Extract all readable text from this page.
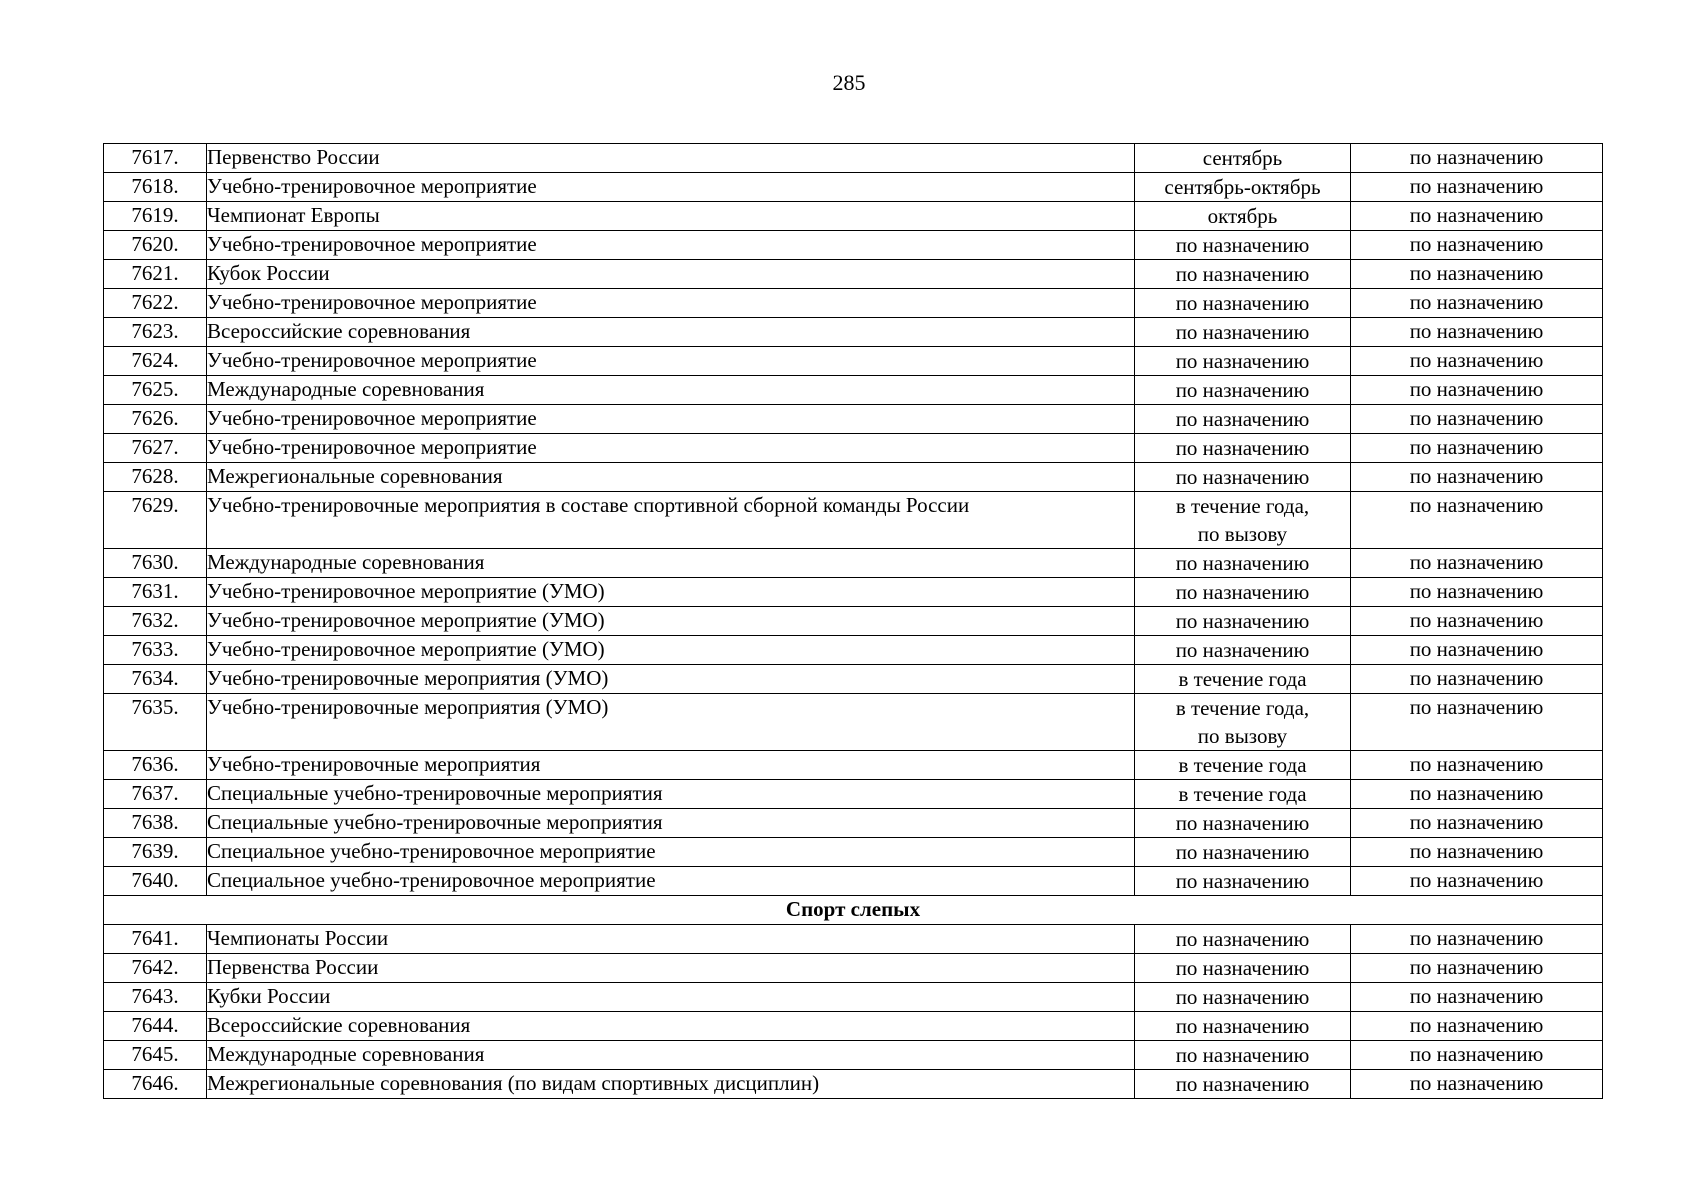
285
7617.	Первенство России	сентябрь	по назначению
7618.	Учебно-тренировочное мероприятие	сентябрь-октябрь	по назначению
7619.	Чемпионат Европы	октябрь	по назначению
7620.	Учебно-тренировочное мероприятие	по назначению	по назначению
7621.	Кубок России	по назначению	по назначению
7622.	Учебно-тренировочное мероприятие	по назначению	по назначению
7623.	Всероссийские соревнования	по назначению	по назначению
7624.	Учебно-тренировочное мероприятие	по назначению	по назначению
7625.	Международные соревнования	по назначению	по назначению
7626.	Учебно-тренировочное мероприятие	по назначению	по назначению
7627.	Учебно-тренировочное мероприятие	по назначению	по назначению
7628.	Межрегиональные соревнования	по назначению	по назначению
7629.	Учебно-тренировочные мероприятия в составе спортивной сборной команды России	в течение года,
по вызову	по назначению
7630.	Международные соревнования	по назначению	по назначению
7631.	Учебно-тренировочное мероприятие (УМО)	по назначению	по назначению
7632.	Учебно-тренировочное мероприятие (УМО)	по назначению	по назначению
7633.	Учебно-тренировочное мероприятие (УМО)	по назначению	по назначению
7634.	Учебно-тренировочные мероприятия (УМО)	в течение года	по назначению
7635.	Учебно-тренировочные мероприятия (УМО)	в течение года,
по вызову	по назначению
7636.	Учебно-тренировочные мероприятия	в течение года	по назначению
7637.	Специальные учебно-тренировочные мероприятия	в течение года	по назначению
7638.	Специальные учебно-тренировочные мероприятия	по назначению	по назначению
7639.	Специальное учебно-тренировочное мероприятие	по назначению	по назначению
7640.	Специальное учебно-тренировочное мероприятие	по назначению	по назначению
Спорт слепых			
7641.	Чемпионаты России	по назначению	по назначению
7642.	Первенства России	по назначению	по назначению
7643.	Кубки России	по назначению	по назначению
7644.	Всероссийские соревнования	по назначению	по назначению
7645.	Международные соревнования	по назначению	по назначению
7646.	Межрегиональные соревнования (по видам спортивных дисциплин)	по назначению	по назначению
